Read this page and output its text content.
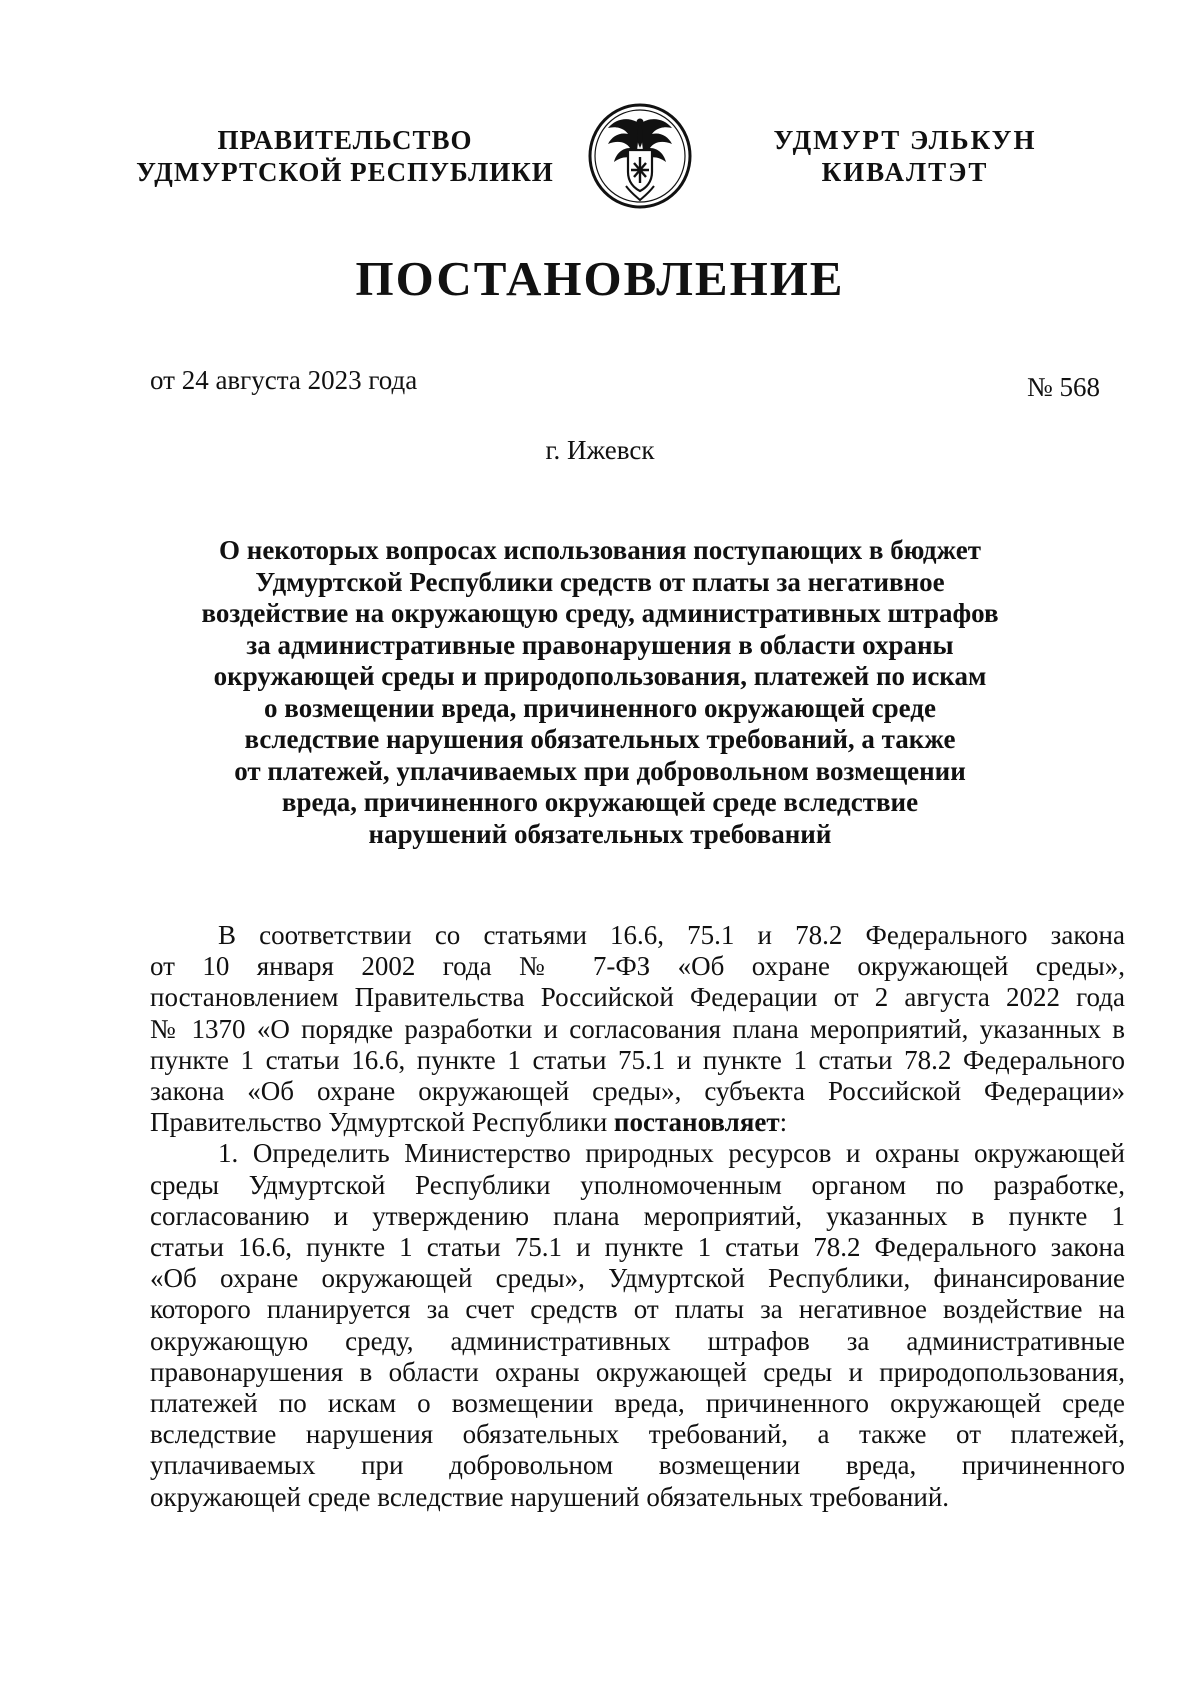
ПРАВИТЕЛЬСТВО
УДМУРТСКОЙ РЕСПУБЛИКИ
УДМУРТ ЭЛЬКУН
КИВАЛТЭТ
ПОСТАНОВЛЕНИЕ
от 24 августа 2023 года	№ 568
г. Ижевск
О некоторых вопросах использования поступающих в бюджет
Удмуртской Республики средств от платы за негативное
воздействие на окружающую среду, административных штрафов
за административные правонарушения в области охраны
окружающей среды и природопользования, платежей по искам
о возмещении вреда, причиненного окружающей среде
вследствие нарушения обязательных требований, а также
от платежей, уплачиваемых при добровольном возмещении
вреда, причиненного окружающей среде вследствие
нарушений обязательных требований
В соответствии со статьями 16.6, 75.1 и 78.2 Федерального закона
от 10 января 2002 года № 7-ФЗ «Об охране окружающей среды»,
постановлением Правительства Российской Федерации от 2 августа 2022 года
№ 1370 «О порядке разработки и согласования плана мероприятий, указанных в
пункте 1 статьи 16.6, пункте 1 статьи 75.1 и пункте 1 статьи 78.2 Федерального
закона «Об охране окружающей среды», субъекта Российской Федерации»
Правительство Удмуртской Республики постановляет:
1. Определить Министерство природных ресурсов и охраны окружающей
среды Удмуртской Республики уполномоченным органом по разработке,
согласованию и утверждению плана мероприятий, указанных в пункте 1
статьи 16.6, пункте 1 статьи 75.1 и пункте 1 статьи 78.2 Федерального закона
«Об охране окружающей среды», Удмуртской Республики, финансирование
которого планируется за счет средств от платы за негативное воздействие на
окружающую среду, административных штрафов за административные
правонарушения в области охраны окружающей среды и природопользования,
платежей по искам о возмещении вреда, причиненного окружающей среде
вследствие нарушения обязательных требований, а также от платежей,
уплачиваемых при добровольном возмещении вреда, причиненного
окружающей среде вследствие нарушений обязательных требований.
